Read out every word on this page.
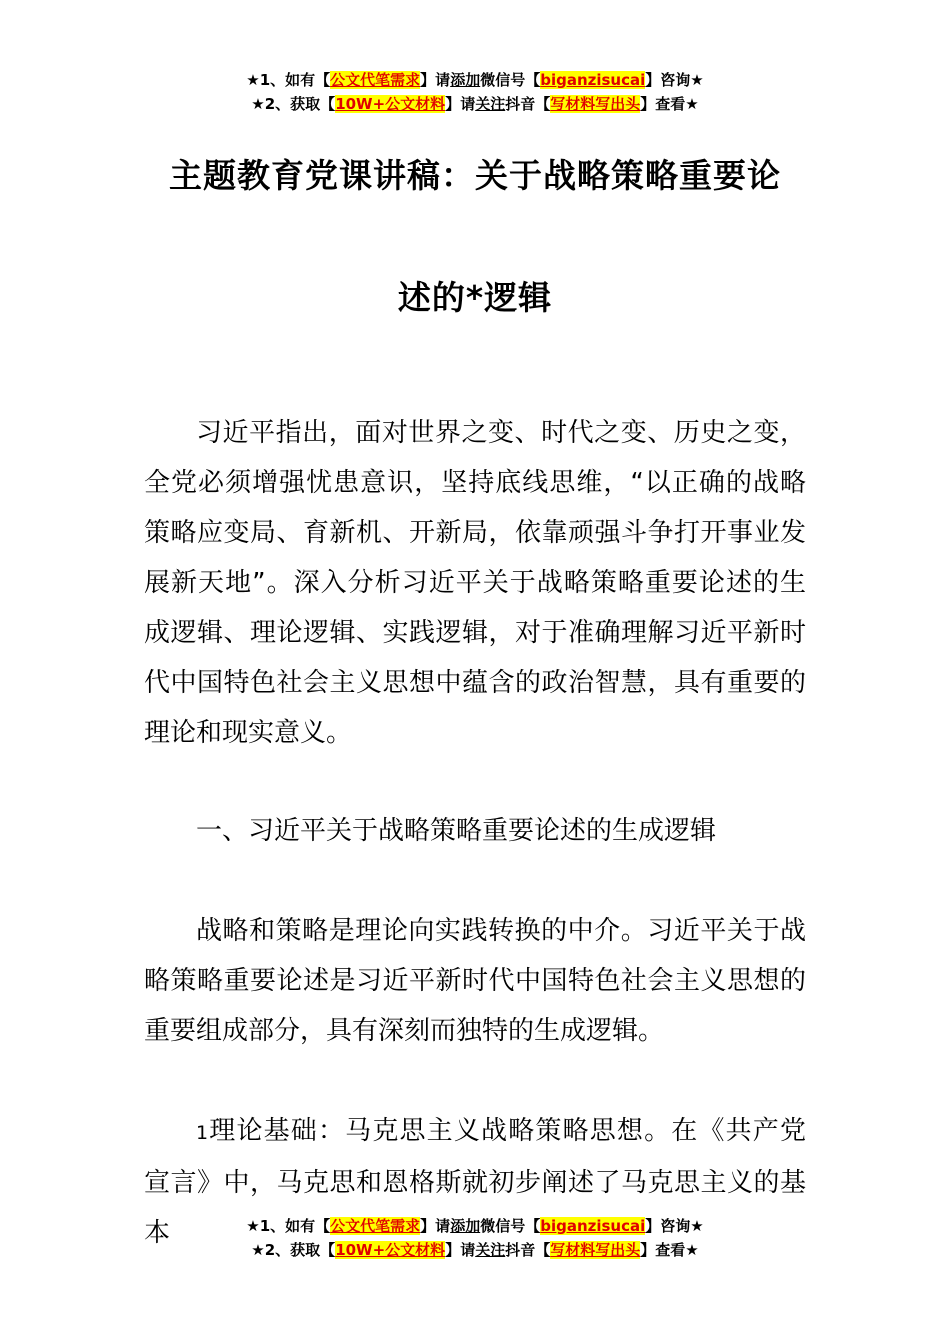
★1、如有【公文代笔需求】请添加微信号【biganzisucai】咨询★
★2、获取【10W+公文材料】请关注抖音【写材料写出头】查看★
主题教育党课讲稿：关于战略策略重要论
述的*逻辑

习近平指出，面对世界之变、时代之变、历史之变，全党必须增强忧患意识，坚持底线思维，“以正确的战略策略应变局、育新机、开新局，依靠顽强斗争打开事业发展新天地”。深入分析习近平关于战略策略重要论述的生成逻辑、理论逻辑、实践逻辑，对于准确理解习近平新时代中国特色社会主义思想中蕴含的政治智慧，具有重要的理论和现实意义。

一、习近平关于战略策略重要论述的生成逻辑

战略和策略是理论向实践转换的中介。习近平关于战略策略重要论述是习近平新时代中国特色社会主义思想的重要组成部分，具有深刻而独特的生成逻辑。

1理论基础：马克思主义战略策略思想。在《共产党宣言》中，马克思和恩格斯就初步阐述了马克思主义的基本	★1、如有【公文代笔需求】请添加微信号【biganzisucai】咨询★
★2、获取【10W+公文材料】请关注抖音【写材料写出头】查看★
